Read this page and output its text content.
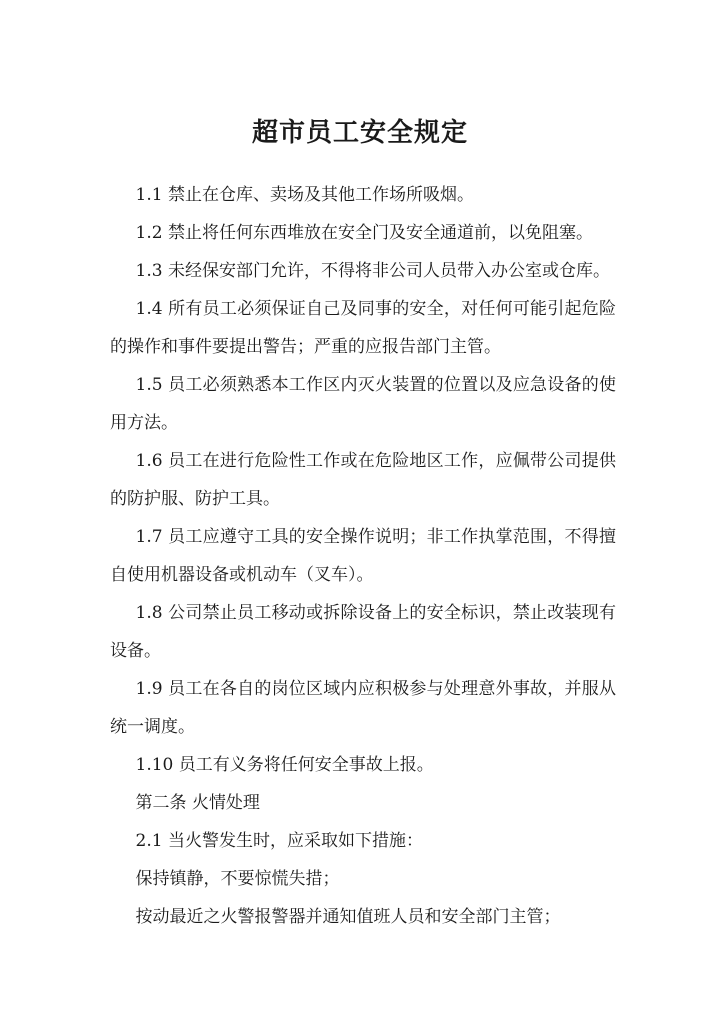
超市员工安全规定

1.1 禁止在仓库、卖场及其他工作场所吸烟。

1.2 禁止将任何东西堆放在安全门及安全通道前，以免阻塞。

1.3 未经保安部门允许，不得将非公司人员带入办公室或仓库。

1.4 所有员工必须保证自己及同事的安全，对任何可能引起危险的操作和事件要提出警告；严重的应报告部门主管。

1.5 员工必须熟悉本工作区内灭火装置的位置以及应急设备的使用方法。

1.6 员工在进行危险性工作或在危险地区工作，应佩带公司提供的防护服、防护工具。

1.7 员工应遵守工具的安全操作说明；非工作执掌范围，不得擅自使用机器设备或机动车（叉车）。

1.8 公司禁止员工移动或拆除设备上的安全标识，禁止改装现有设备。

1.9 员工在各自的岗位区域内应积极参与处理意外事故，并服从统一调度。

1.10 员工有义务将任何安全事故上报。

第二条 火情处理

2.1 当火警发生时，应采取如下措施：

保持镇静，不要惊慌失措；

按动最近之火警报警器并通知值班人员和安全部门主管；
